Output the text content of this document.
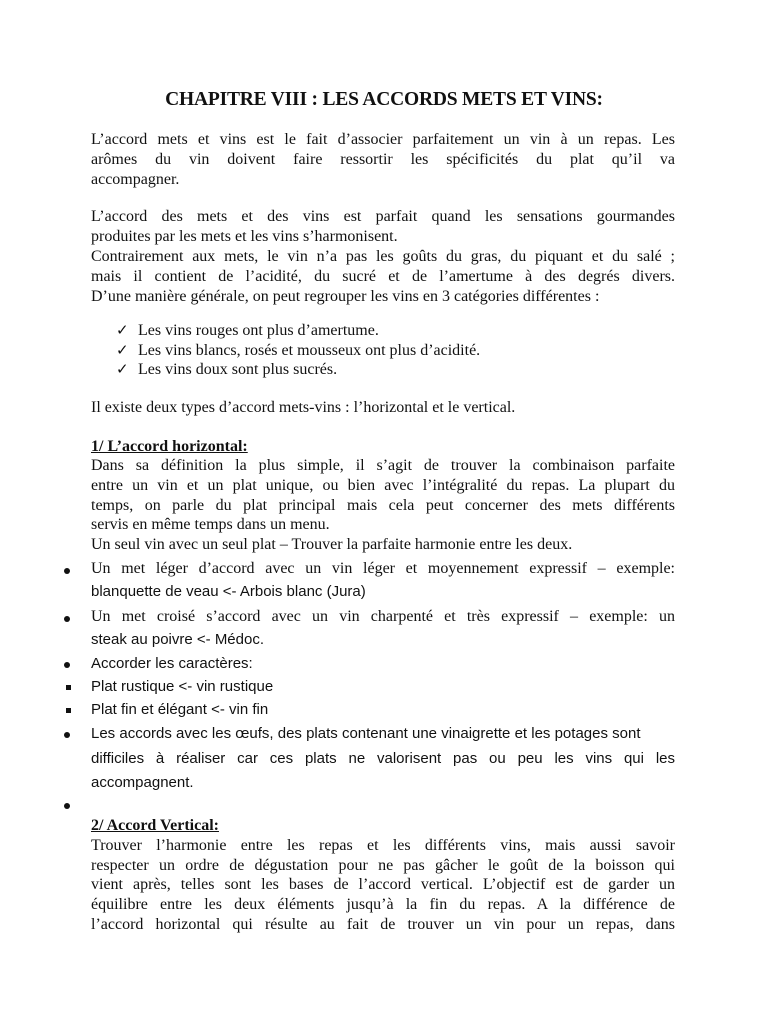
CHAPITRE VIII : LES ACCORDS METS ET VINS:
L’accord mets et vins est le fait d’associer parfaitement un vin à un repas. Les
arômes du vin doivent faire ressortir les spécificités du plat qu’il va
accompagner.
L’accord des mets et des vins est parfait quand les sensations gourmandes
produites par les mets et les vins s’harmonisent.
Contrairement aux mets, le vin n’a pas les goûts du gras, du piquant et du salé ;
mais il contient de l’acidité, du sucré et de l’amertume à des degrés divers.
D’une manière générale, on peut regrouper les vins en 3 catégories différentes :
✓ Les vins rouges ont plus d’amertume.
✓ Les vins blancs, rosés et mousseux ont plus d’acidité.
✓ Les vins doux sont plus sucrés.
Il existe deux types d’accord mets-vins : l’horizontal et le vertical.
1/ L’accord horizontal:
Dans sa définition la plus simple, il s’agit de trouver la combinaison parfaite
entre un vin et un plat unique, ou bien avec l’intégralité du repas. La plupart du
temps, on parle du plat principal mais cela peut concerner des mets différents
servis en même temps dans un menu.
Un seul vin avec un seul plat – Trouver la parfaite harmonie entre les deux.
Un met léger d’accord avec un vin léger et moyennement expressif – exemple:
blanquette de veau <- Arbois blanc (Jura)
Un met croisé s’accord avec un vin charpenté et très expressif – exemple: un
steak au poivre <- Médoc.
Accorder les caractères:
Plat rustique <- vin rustique
Plat fin et élégant <- vin fin
Les accords avec les œufs, des plats contenant une vinaigrette et les potages sont
difficiles à réaliser car ces plats ne valorisent pas ou peu les vins qui les
accompagnent.
2/ Accord Vertical:
Trouver l’harmonie entre les repas et les différents vins, mais aussi savoir
respecter un ordre de dégustation pour ne pas gâcher le goût de la boisson qui
vient après, telles sont les bases de l’accord vertical. L’objectif est de garder un
équilibre entre les deux éléments jusqu’à la fin du repas. A la différence de
l’accord horizontal qui résulte au fait de trouver un vin pour un repas, dans
